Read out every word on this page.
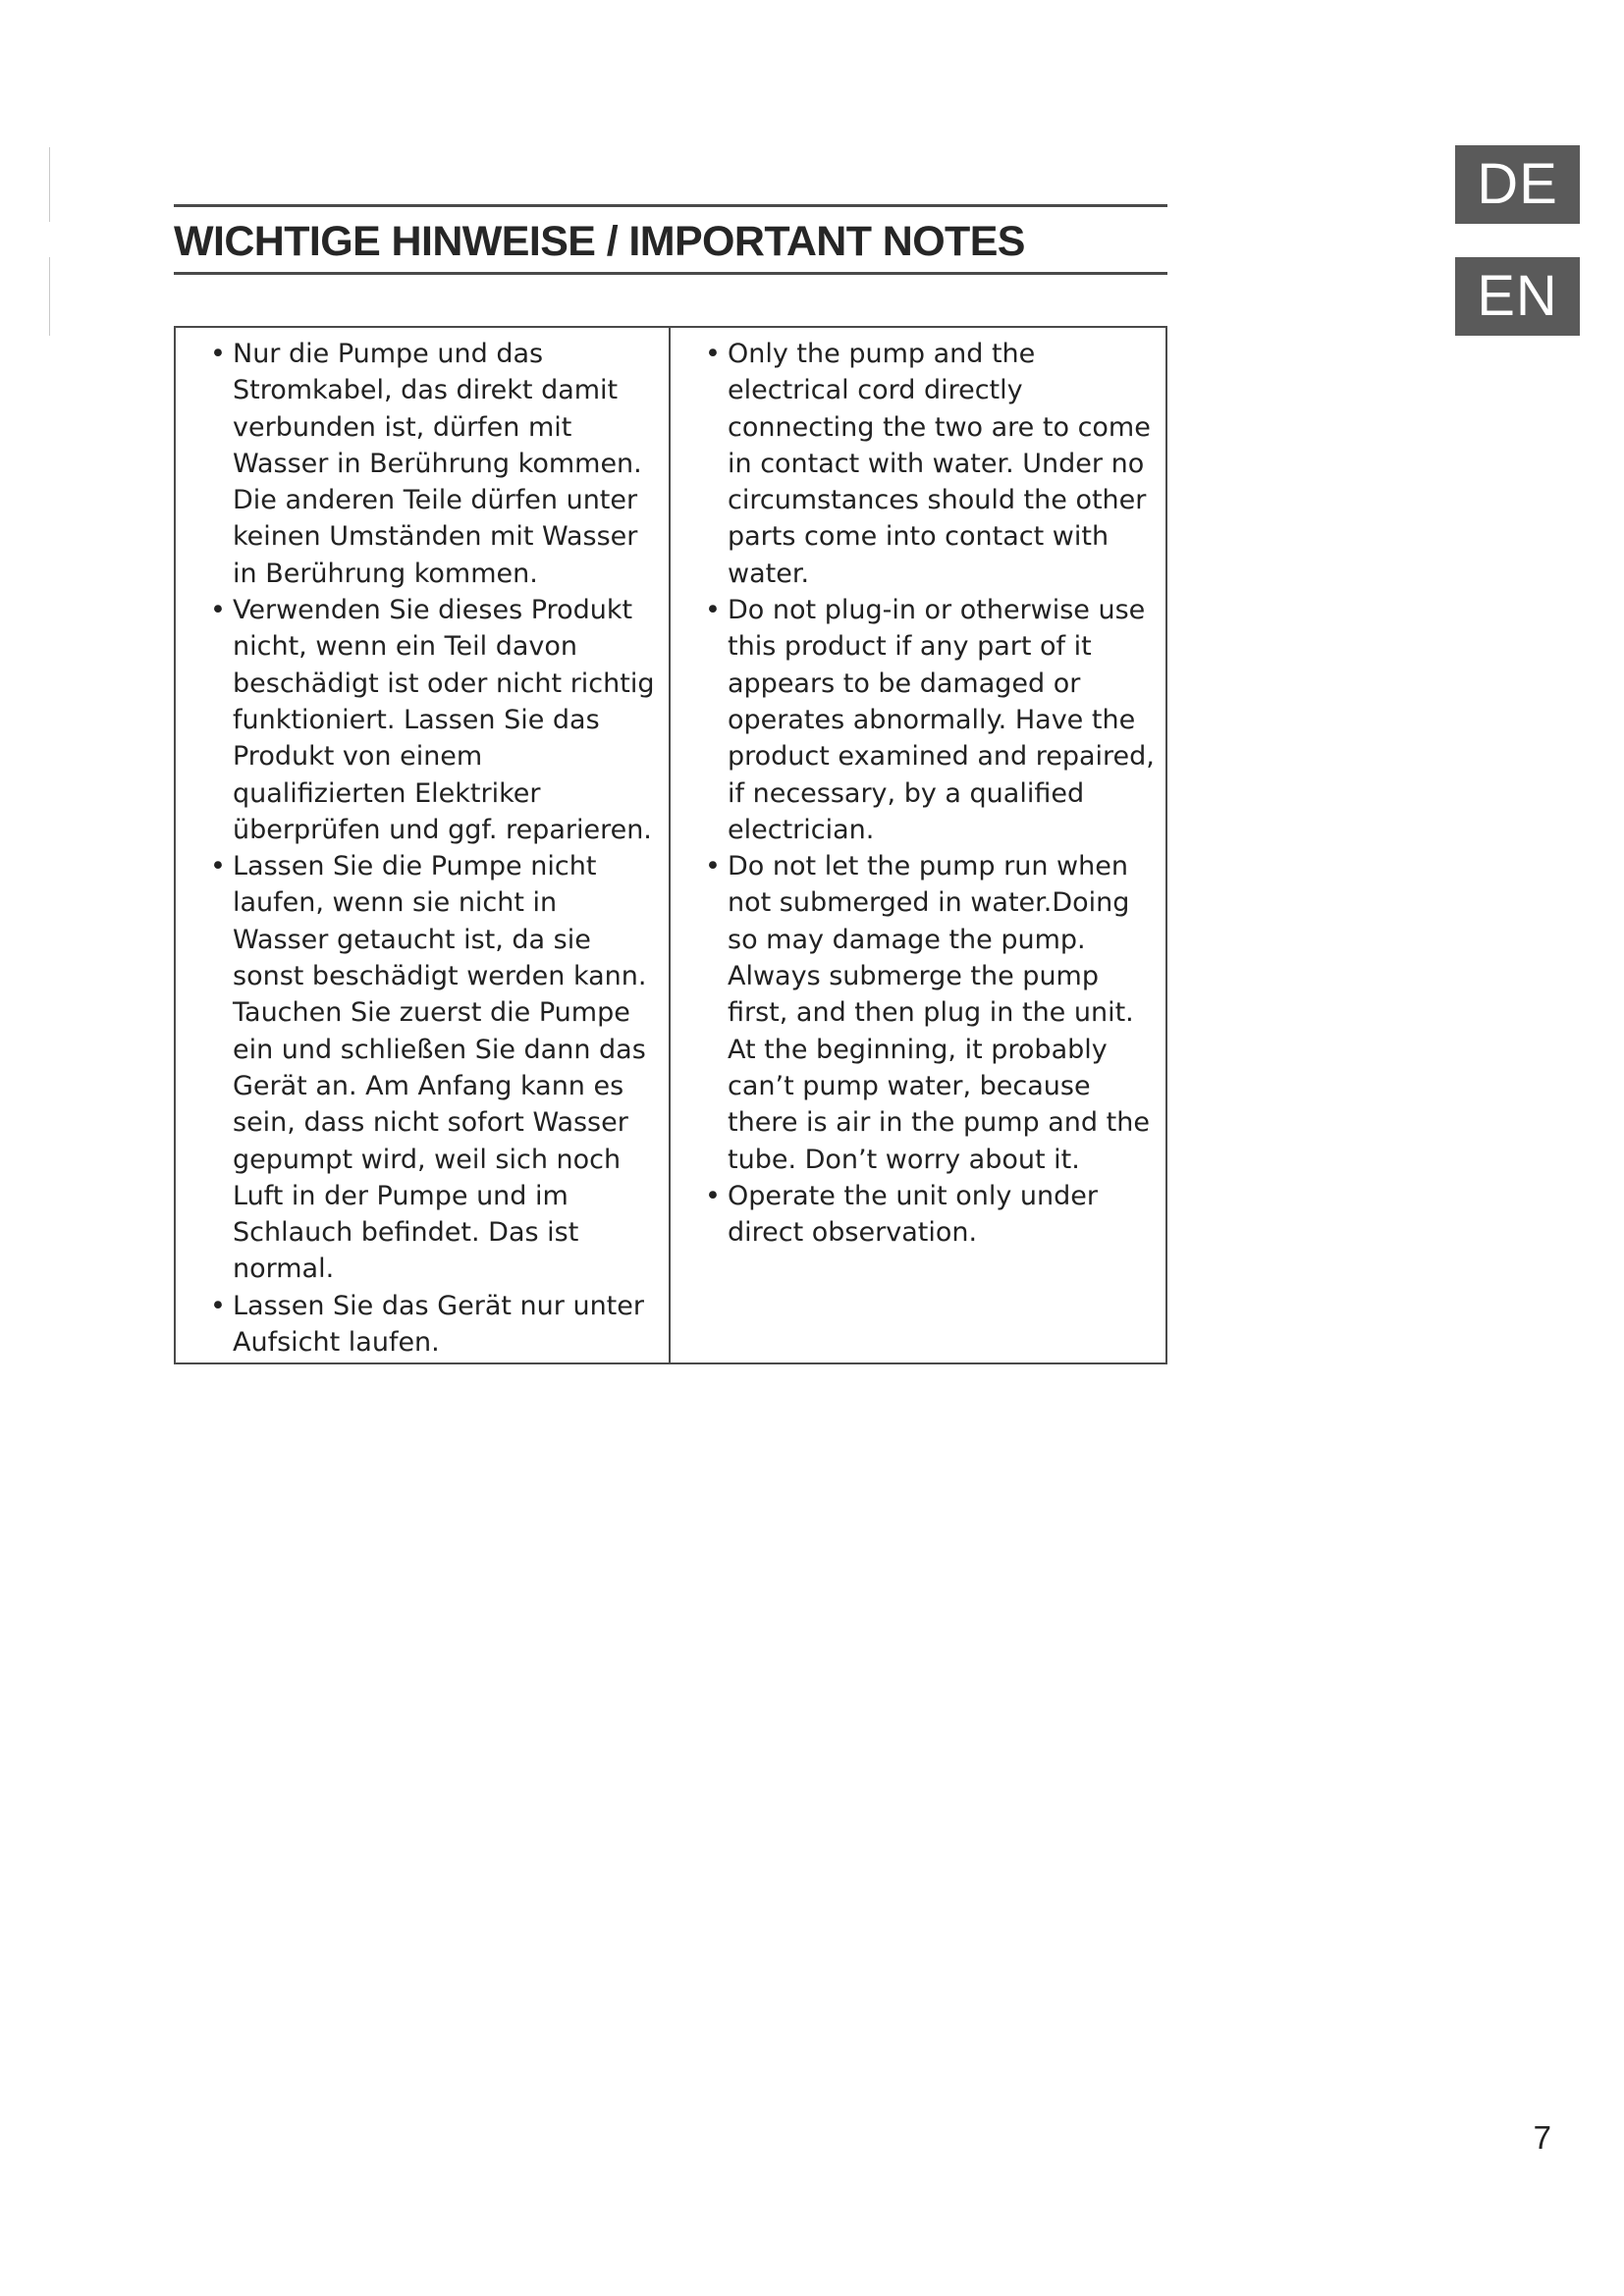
WICHTIGE HINWEISE / IMPORTANT NOTES
DE
EN
• Nur die Pumpe und das Stromkabel, das direkt damit verbunden ist, dürfen mit Wasser in Berührung kommen. Die anderen Teile dürfen unter keinen Umständen mit Wasser in Berührung kommen.
• Verwenden Sie dieses Produkt nicht, wenn ein Teil davon beschädigt ist oder nicht richtig funktioniert. Lassen Sie das Produkt von einem qualifizierten Elektriker überprüfen und ggf. reparieren.
• Lassen Sie die Pumpe nicht laufen, wenn sie nicht in Wasser getaucht ist, da sie sonst beschädigt werden kann. Tauchen Sie zuerst die Pumpe ein und schließen Sie dann das Gerät an. Am Anfang kann es sein, dass nicht sofort Wasser gepumpt wird, weil sich noch Luft in der Pumpe und im Schlauch befindet. Das ist normal.
• Lassen Sie das Gerät nur unter Aufsicht laufen.
• Only the pump and the electrical cord directly connecting the two are to come in contact with water. Under no circumstances should the other parts come into contact with water.
• Do not plug-in or otherwise use this product if any part of it appears to be damaged or operates abnormally. Have the product examined and repaired, if necessary, by a qualified electrician.
• Do not let the pump run when not submerged in water.Doing so may damage the pump. Always submerge the pump first, and then plug in the unit. At the beginning, it probably can’t pump water, because there is air in the pump and the tube. Don’t worry about it.
• Operate the unit only under direct observation.
7
